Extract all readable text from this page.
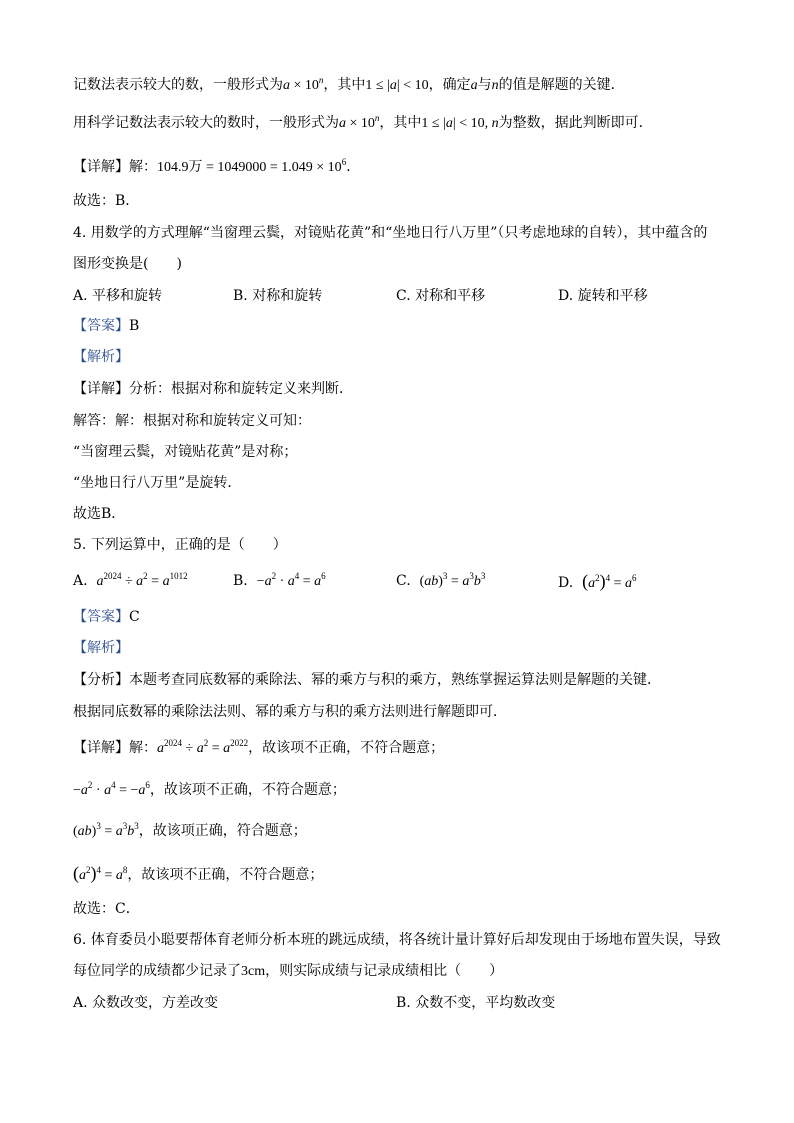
记数法表示较大的数，一般形式为$a \times 10^n$，其中1 ≤ |a| < 10，确定a与n的值是解题的关键．
用科学记数法表示较大的数时，一般形式为$a \times 10^n$，其中1 ≤ |a| < 10, n为整数，据此判断即可．
【详解】解：104.9万 = $1049000 = 1.049 \times 10^6$．
故选：B．
4. 用数学的方式理解“当窗理云鬓，对镜贴花黄”和“坐地日行八万里”（只考虑地球的自转），其中蕴含的
图形变换是(　　)
A. 平移和旋转	B. 对称和旋转	C. 对称和平移	D. 旋转和平移
【答案】B
【解析】
【详解】分析：根据对称和旋转定义来判断．
解答：解：根据对称和旋转定义可知：
“当窗理云鬓，对镜贴花黄”是对称；
“坐地日行八万里”是旋转．
故选B．
5. 下列运算中，正确的是（　　）
A. $a^{2024} \div a^2 = a^{1012}$	B. $-a^2 \cdot a^4 = a^6$	C. $(ab)^3 = a^3b^3$	D. $(a^2)^4 = a^6$
【答案】C
【解析】
【分析】本题考查同底数幂的乘除法、幂的乘方与积的乘方，熟练掌握运算法则是解题的关键．
根据同底数幂的乘除法法则、幂的乘方与积的乘方法则进行解题即可．
【详解】解：$a^{2024} \div a^2 = a^{2022}$，故该项不正确，不符合题意；
$-a^2 \cdot a^4 = -a^6$，故该项不正确，不符合题意；
$(ab)^3 = a^3b^3$，故该项正确，符合题意；
$(a^2)^4 = a^8$，故该项不正确，不符合题意；
故选：C．
6. 体育委员小聪要帮体育老师分析本班的跳远成绩，将各统计量计算好后却发现由于场地布置失误，导致
每位同学的成绩都少记录了3cm，则实际成绩与记录成绩相比（　　）
A. 众数改变，方差改变	B. 众数不变，平均数改变
